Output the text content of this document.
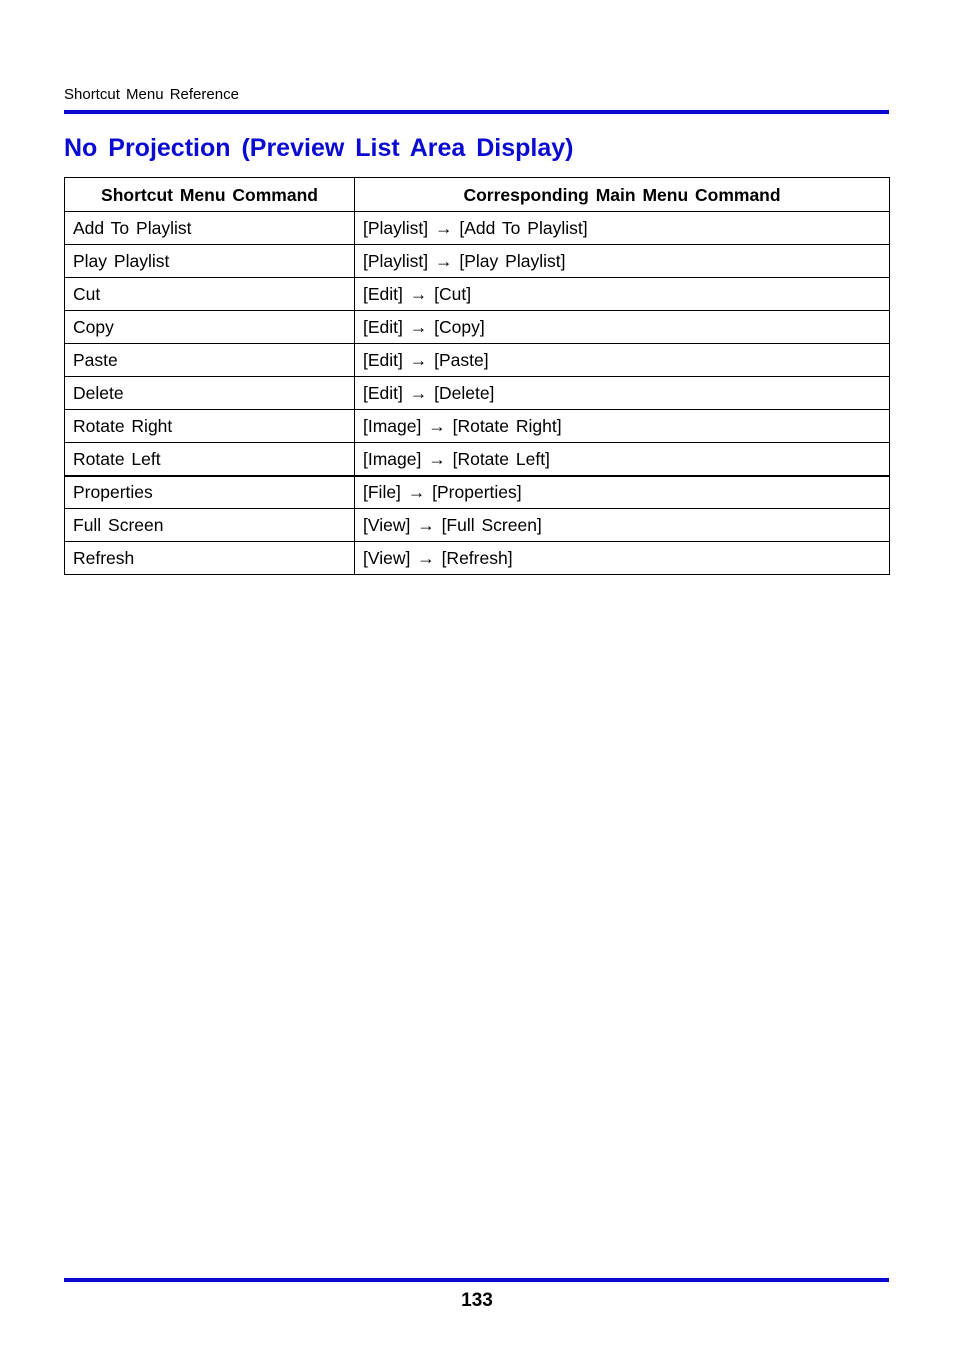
Shortcut Menu Reference
No Projection (Preview List Area Display)
Shortcut Menu Command	Corresponding Main Menu Command
Add To Playlist	[Playlist] → [Add To Playlist]
Play Playlist	[Playlist] → [Play Playlist]
Cut	[Edit] → [Cut]
Copy	[Edit] → [Copy]
Paste	[Edit] → [Paste]
Delete	[Edit] → [Delete]
Rotate Right	[Image] → [Rotate Right]
Rotate Left	[Image] → [Rotate Left]
Properties	[File] → [Properties]
Full Screen	[View] → [Full Screen]
Refresh	[View] → [Refresh]
133
